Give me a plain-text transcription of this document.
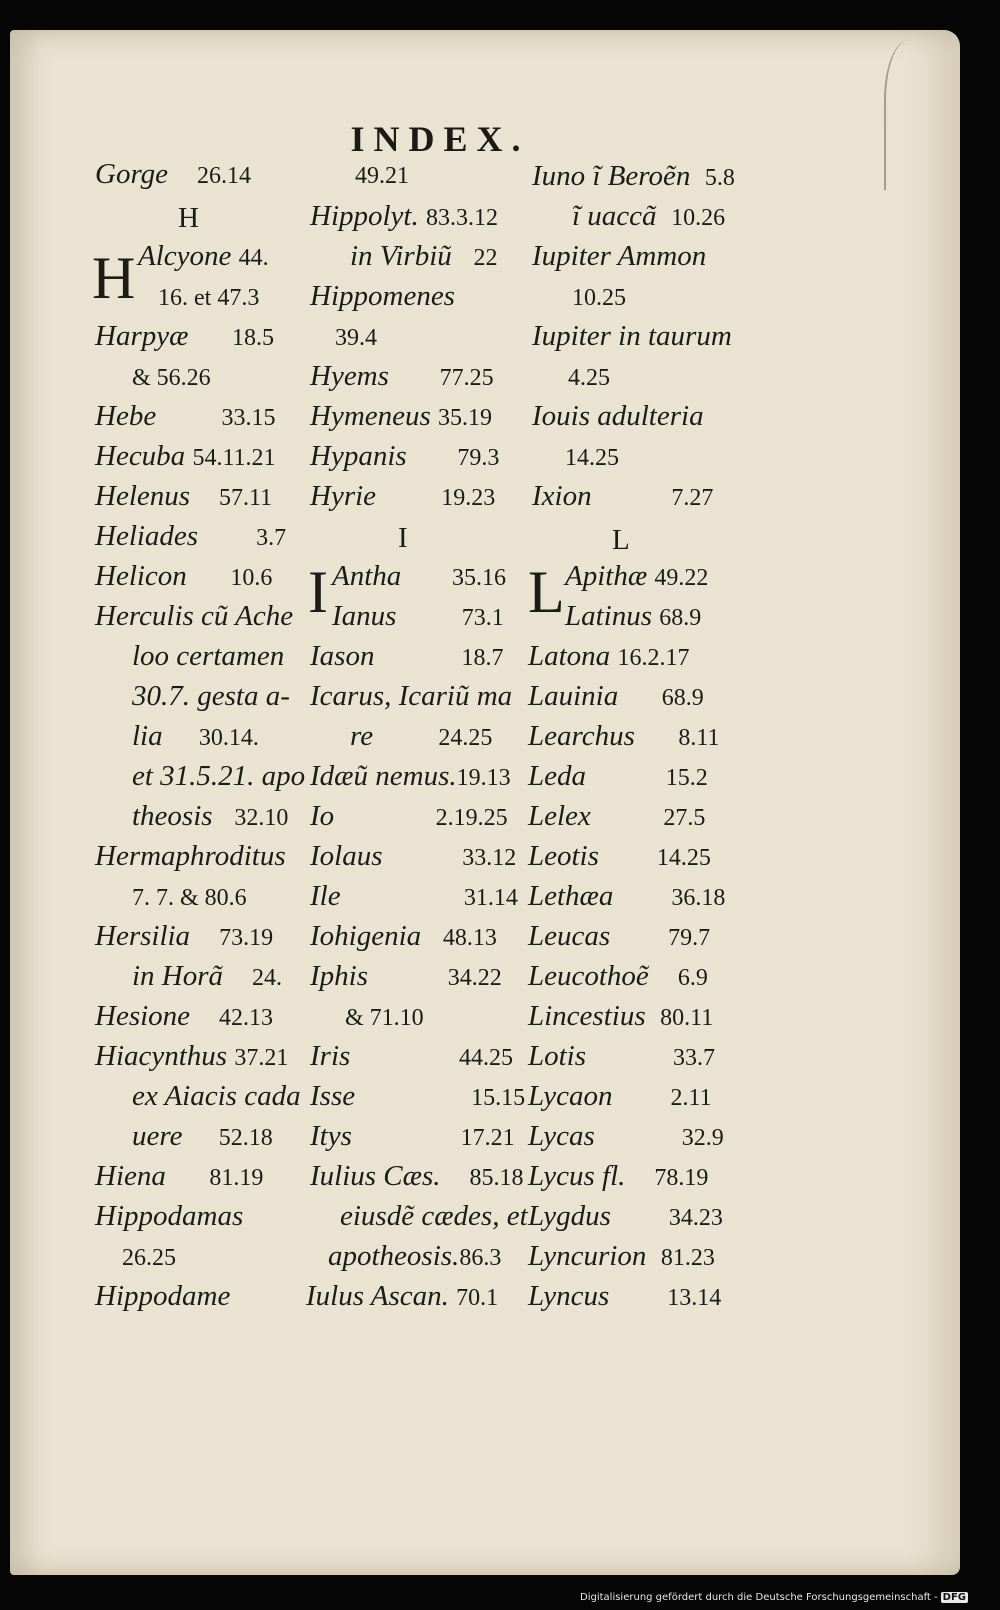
INDEX.
Gorge 26.14
H
H Alcyone 44.
16. et 47.3
Harpyæ 18.5
& 56.26
Hebe	33.15
Hecuba 54.11.21
Helenus 57.11
Heliades 3.7
Helicon 10.6
Herculis cũ Ache
loo certamen
30.7. gesta a-
lia 30.14.
et 31.5.21. apo
theosis 32.10
Hermaphroditus
7. 7. & 80.6
Hersilia 73.19
in Horã 24.
Hesione 42.13
Hiacynthus 37.21
ex Aiacis cada
uere 52.18
Hiena 81.19
Hippodamas
26.25
Hippodame
49.21
Hippolyt. 83.3.12
in Virbiũ 22
Hippomenes
39.4
Hyems 77.25
Hymeneus 35.19
Hypanis 79.3
Hyrie	19.23
I
I Antha 35.16
Ianus	73.1
Iason	18.7
Icarus, Icariũ ma
re	24.25
Idæũ nemus.19.13
Io	2.19.25
Iolaus	33.12
Ile	31.14
Iohigenia 48.13
Iphis	34.22
& 71.10
Iris	44.25
Isse	15.15
Itys	17.21
Iulius Cæs. 85.18
eiusdẽ cædes, et
apotheosis.86.3
Iulus Ascan. 70.1
Iuno ĩ Beroẽn 5.8
ĩ uaccã 10.26
Iupiter Ammon
10.25
Iupiter in taurum
4.25
Iouis adulteria
14.25
Ixion	7.27
L
L Apithæ 49.22
Latinus 68.9
Latona 16.2.17
Lauinia 68.9
Learchus 8.11
Leda	15.2
Lelex	27.5
Leotis 14.25
Lethæa 36.18
Leucas 79.7
Leucothoẽ 6.9
Lincestius 80.11
Lotis	33.7
Lycaon 2.11
Lycas	32.9
Lycus fl. 78.19
Lygdus 34.23
Lyncurion 81.23
Lyncus 13.14
Digitalisierung gefördert durch die Deutsche Forschungsgemeinschaft - DFG
